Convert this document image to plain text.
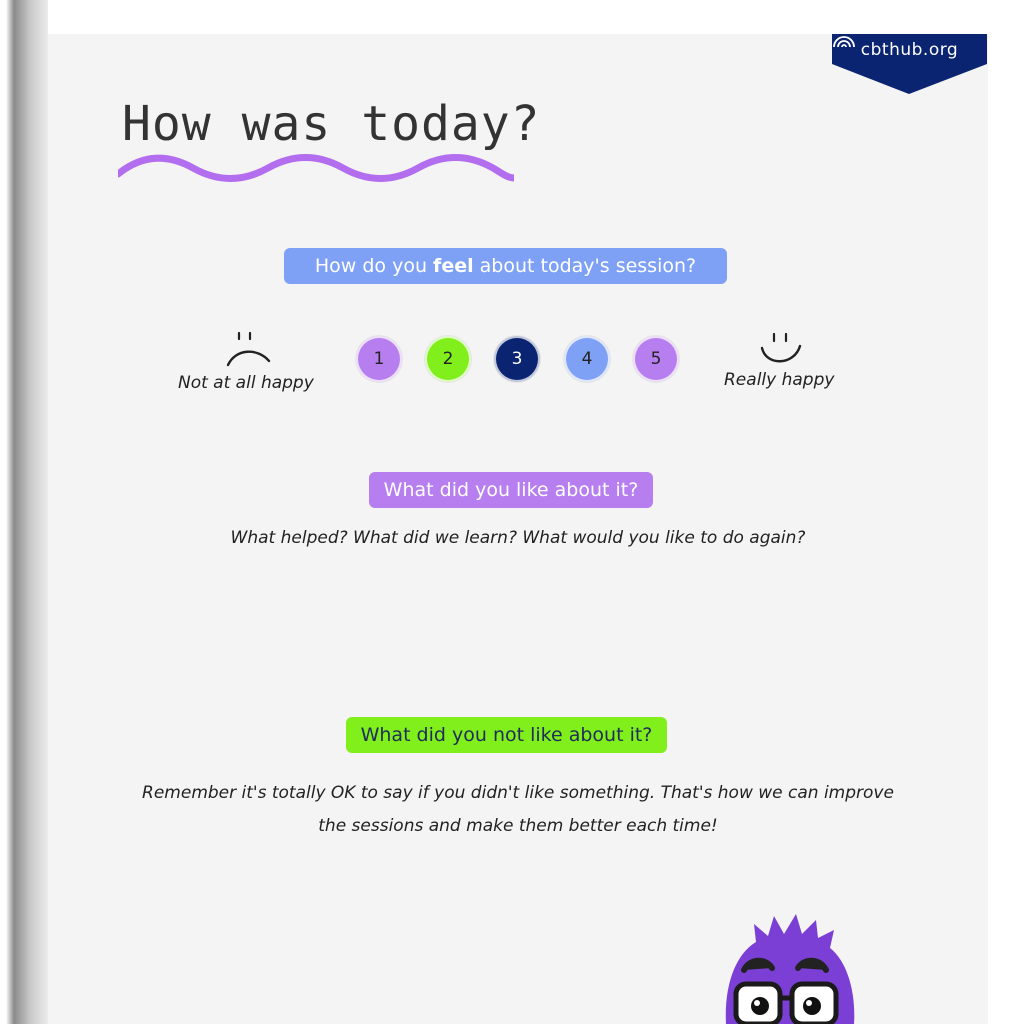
cbthub.org
How was today?
How do you feel about today's session?
Not at all happy
1	2	3	4	5
Really happy
What did you like about it?
What helped? What did we learn? What would you like to do again?
What did you not like about it?
Remember it's totally OK to say if you didn't like something. That's how we can improve
the sessions and make them better each time!
